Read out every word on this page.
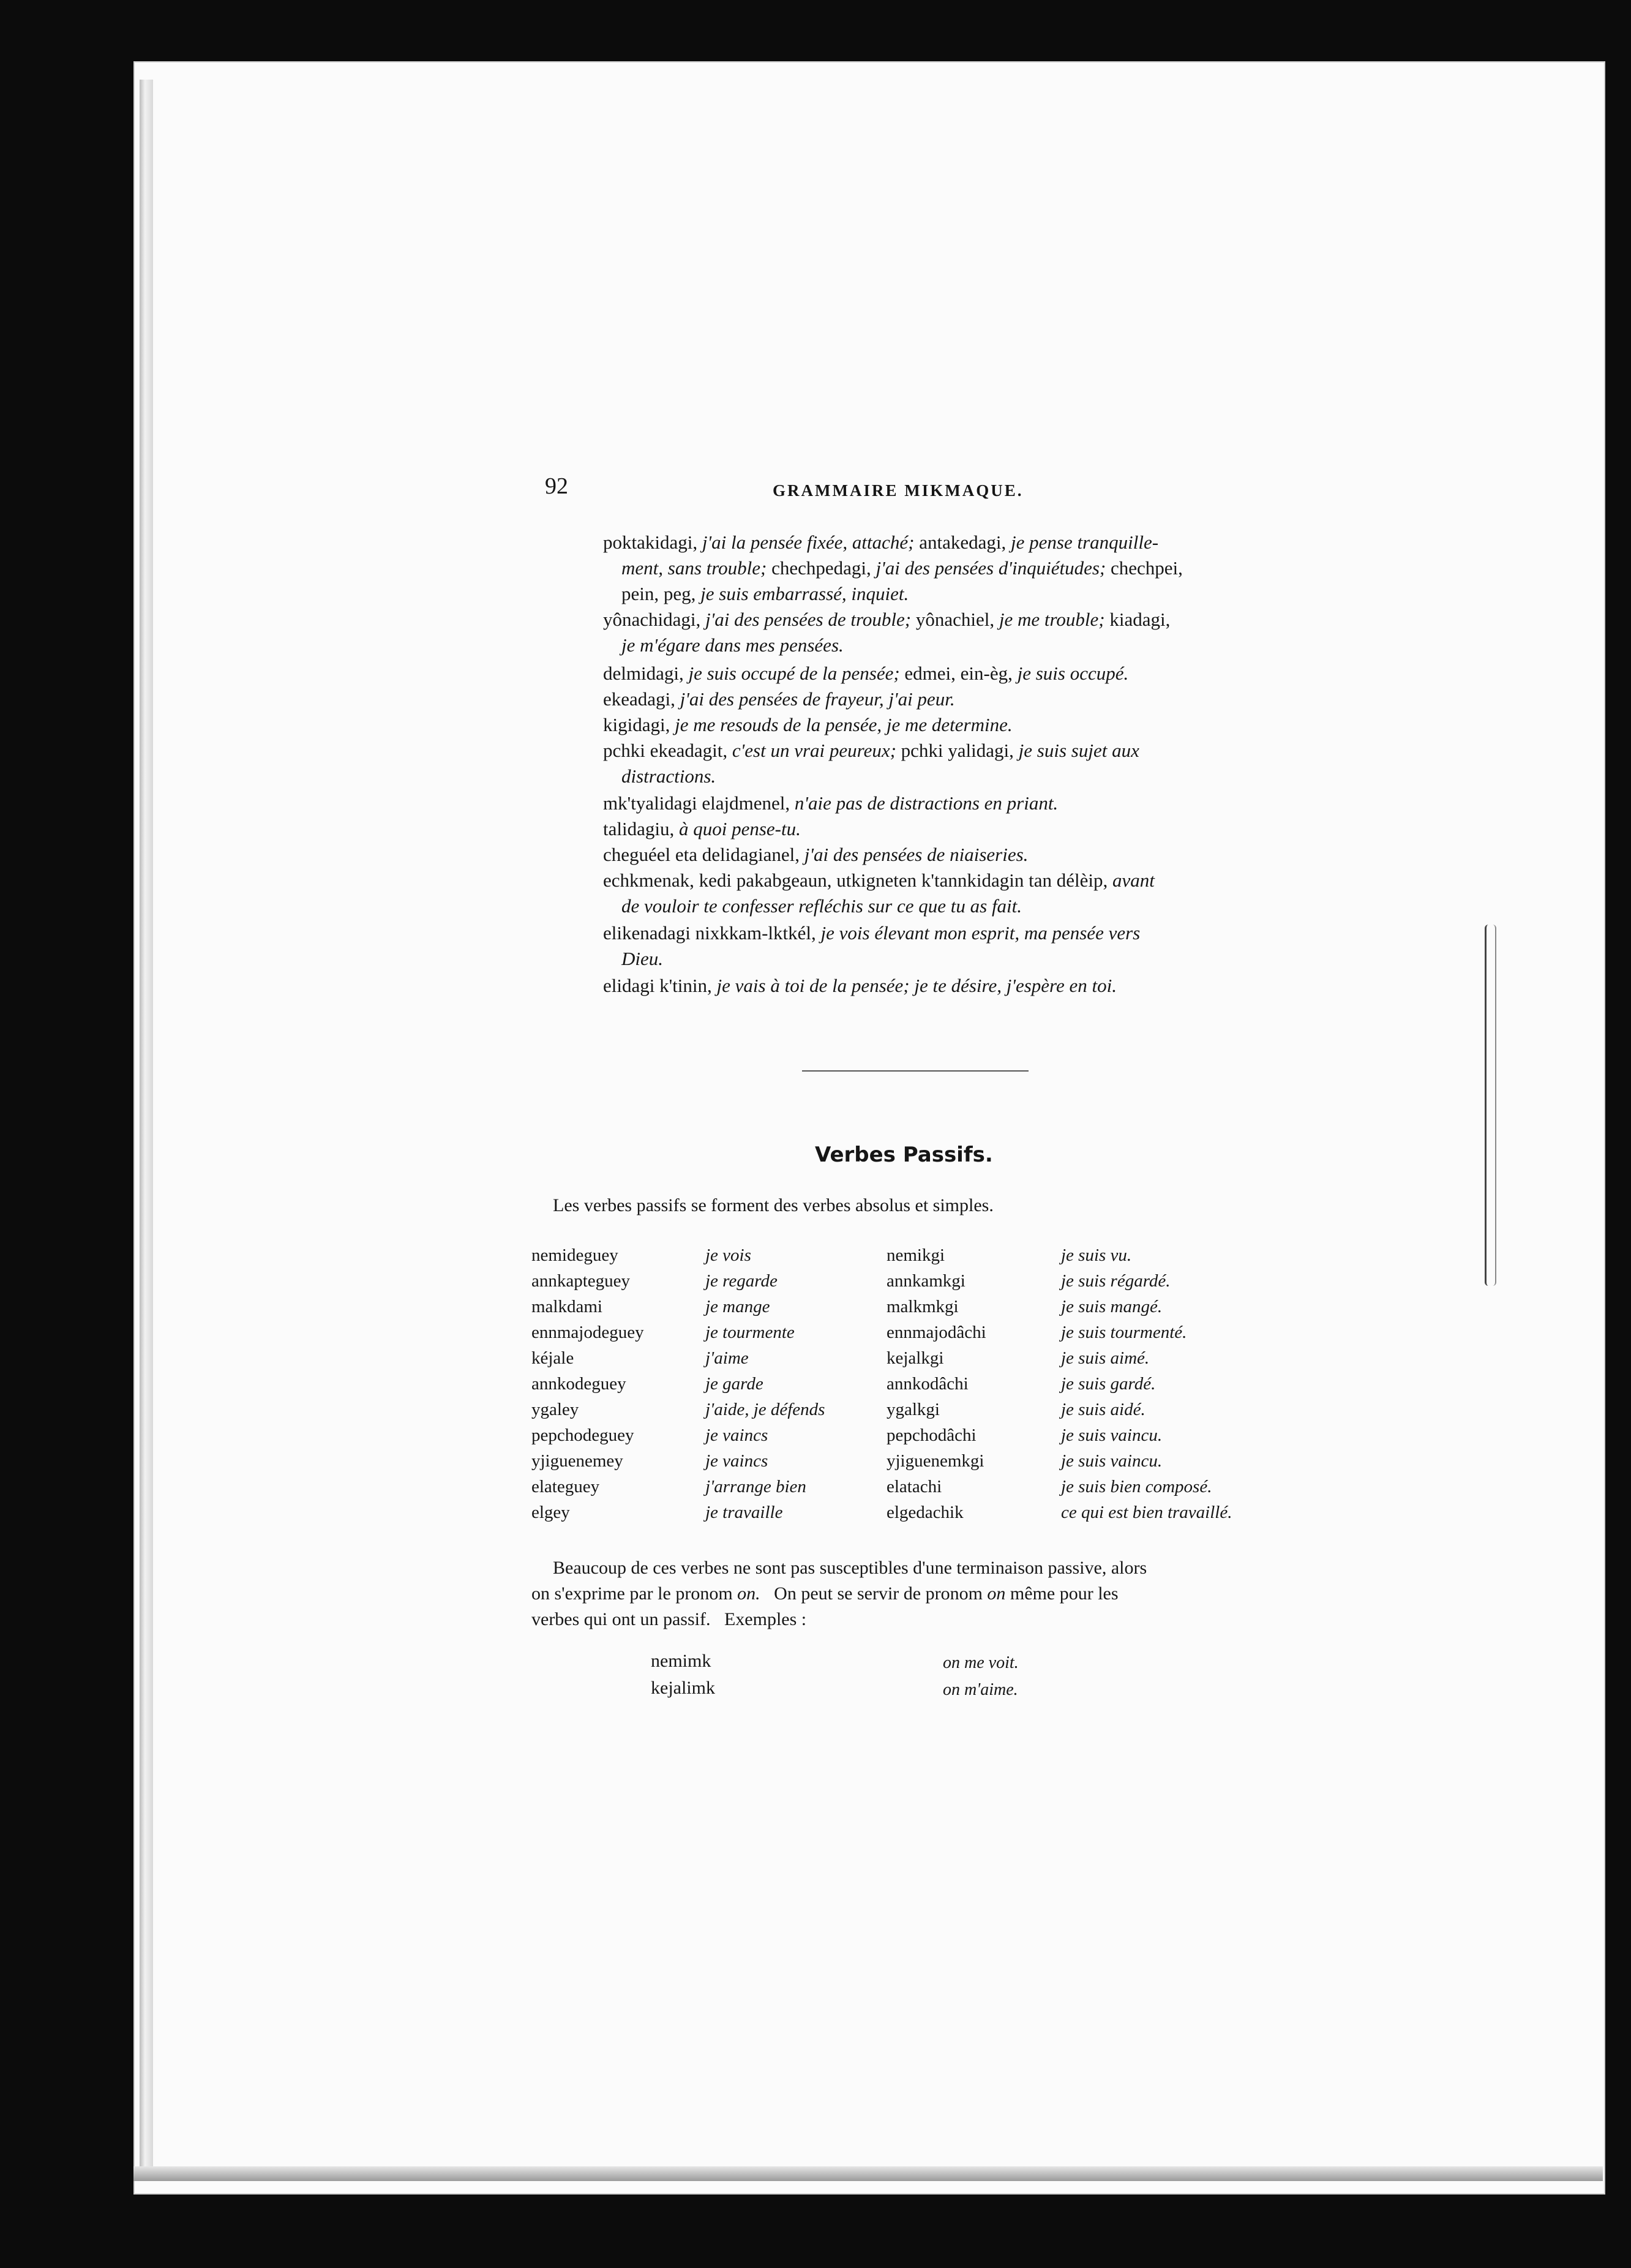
92	GRAMMAIRE MIKMAQUE.
poktakidagi, j'ai la pensée fixée, attaché; antakedagi, je pense tranquille-
ment, sans trouble; chechpedagi, j'ai des pensées d'inquiétudes; chechpei,
pein, peg, je suis embarrassé, inquiet.
yônachidagi, j'ai des pensées de trouble; yônachiel, je me trouble; kiadagi,
je m'égare dans mes pensées.
delmidagi, je suis occupé de la pensée; edmei, ein-èg, je suis occupé.
ekeadagi, j'ai des pensées de frayeur, j'ai peur.
kigidagi, je me resouds de la pensée, je me determine.
pchki ekeadagit, c'est un vrai peureux; pchki yalidagi, je suis sujet aux
distractions.
mk'tyalidagi elajdmenel, n'aie pas de distractions en priant.
talidagiu, à quoi pense-tu.
cheguéel eta delidagianel, j'ai des pensées de niaiseries.
echkmenak, kedi pakabgeaun, utkigneten k'tannkidagin tan délèip, avant
de vouloir te confesser refléchis sur ce que tu as fait.
elikenadagi nixkkam-lktkél, je vois élevant mon esprit, ma pensée vers
Dieu.
elidagi k'tinin, je vais à toi de la pensée; je te désire, j'espère en toi.
Verbes Passifs.
Les verbes passifs se forment des verbes absolus et simples.
nemideguey	je vois	nemikgi	je suis vu.
annkapteguey	je regarde	annkamkgi	je suis régardé.
malkdami	je mange	malkmkgi	je suis mangé.
ennmajodeguey	je tourmente	ennmajodâchi	je suis tourmenté.
kéjale	j'aime	kejalkgi	je suis aimé.
annkodeguey	je garde	annkodâchi	je suis gardé.
ygaley	j'aide, je défends	ygalkgi	je suis aidé.
pepchodeguey	je vaincs	pepchodâchi	je suis vaincu.
yjiguenemey	je vaincs	yjiguenemkgi	je suis vaincu.
elateguey	j'arrange bien	elatachi	je suis bien composé.
elgey	je travaille	elgedachik	ce qui est bien travaillé.
Beaucoup de ces verbes ne sont pas susceptibles d'une terminaison passive, alors
on s'exprime par le pronom on. On peut se servir de pronom on même pour les
verbes qui ont un passif. Exemples :
nemimk	on me voit.
kejalimk	on m'aime.
